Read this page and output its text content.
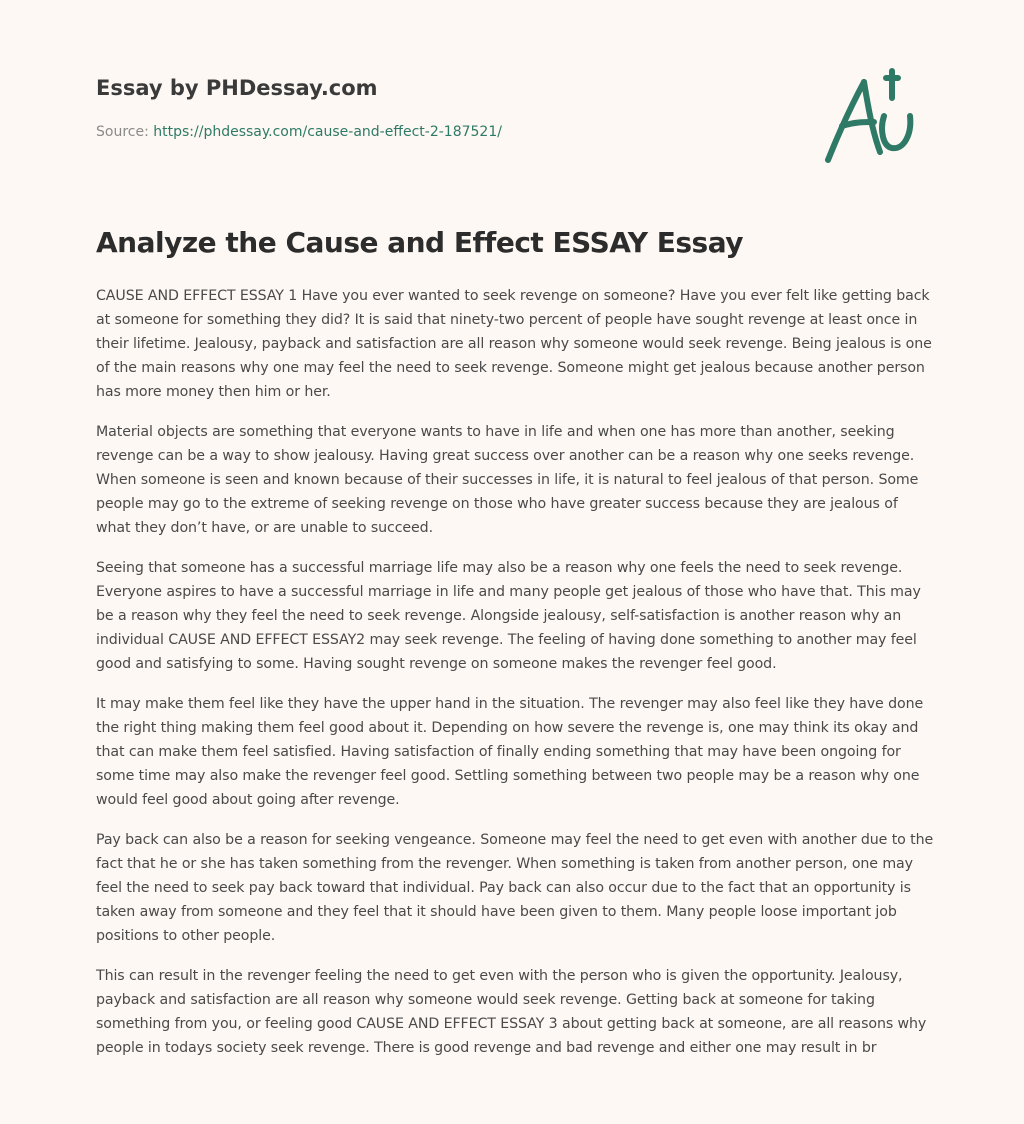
Essay by PHDessay.com
Source: https://phdessay.com/cause-and-effect-2-187521/
Analyze the Cause and Effect ESSAY Essay

CAUSE AND EFFECT ESSAY 1 Have you ever wanted to seek revenge on someone? Have you ever felt like getting back at someone for something they did? It is said that ninety-two percent of people have sought revenge at least once in their lifetime. Jealousy, payback and satisfaction are all reason why someone would seek revenge. Being jealous is one of the main reasons why one may feel the need to seek revenge. Someone might get jealous because another person has more money then him or her.

Material objects are something that everyone wants to have in life and when one has more than another, seeking revenge can be a way to show jealousy. Having great success over another can be a reason why one seeks revenge. When someone is seen and known because of their successes in life, it is natural to feel jealous of that person. Some people may go to the extreme of seeking revenge on those who have greater success because they are jealous of what they don’t have, or are unable to succeed.

Seeing that someone has a successful marriage life may also be a reason why one feels the need to seek revenge. Everyone aspires to have a successful marriage in life and many people get jealous of those who have that. This may be a reason why they feel the need to seek revenge. Alongside jealousy, self-satisfaction is another reason why an individual CAUSE AND EFFECT ESSAY2 may seek revenge. The feeling of having done something to another may feel good and satisfying to some. Having sought revenge on someone makes the revenger feel good.

It may make them feel like they have the upper hand in the situation. The revenger may also feel like they have done the right thing making them feel good about it. Depending on how severe the revenge is, one may think its okay and that can make them feel satisfied. Having satisfaction of finally ending something that may have been ongoing for some time may also make the revenger feel good. Settling something between two people may be a reason why one would feel good about going after revenge.

Pay back can also be a reason for seeking vengeance. Someone may feel the need to get even with another due to the fact that he or she has taken something from the revenger. When something is taken from another person, one may feel the need to seek pay back toward that individual. Pay back can also occur due to the fact that an opportunity is taken away from someone and they feel that it should have been given to them. Many people loose important job positions to other people.

This can result in the revenger feeling the need to get even with the person who is given the opportunity. Jealousy, payback and satisfaction are all reason why someone would seek revenge. Getting back at someone for taking something from you, or feeling good CAUSE AND EFFECT ESSAY 3 about getting back at someone, are all reasons why people in todays society seek revenge. There is good revenge and bad revenge and either one may result in br
